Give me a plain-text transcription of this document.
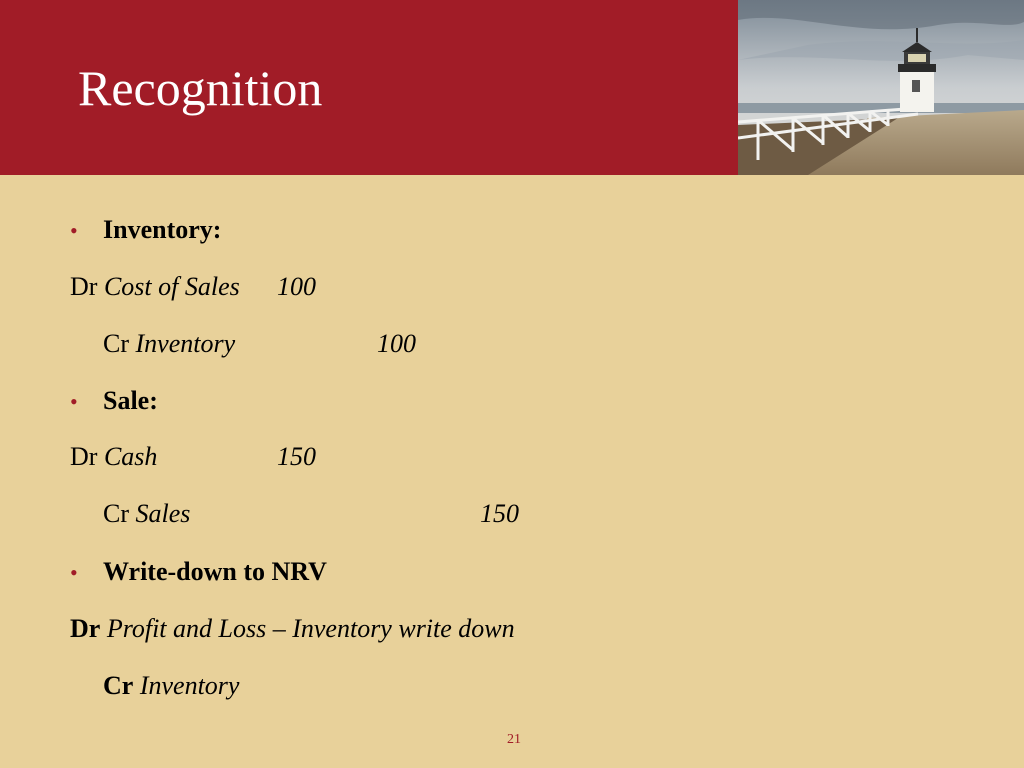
Recognition
• Inventory:
Dr Cost of Sales 100
Cr Inventory	100
• Sale:
Dr Cash	150
Cr Sales	150
• Write-down to NRV
Dr Profit and Loss – Inventory write down
Cr Inventory
21
